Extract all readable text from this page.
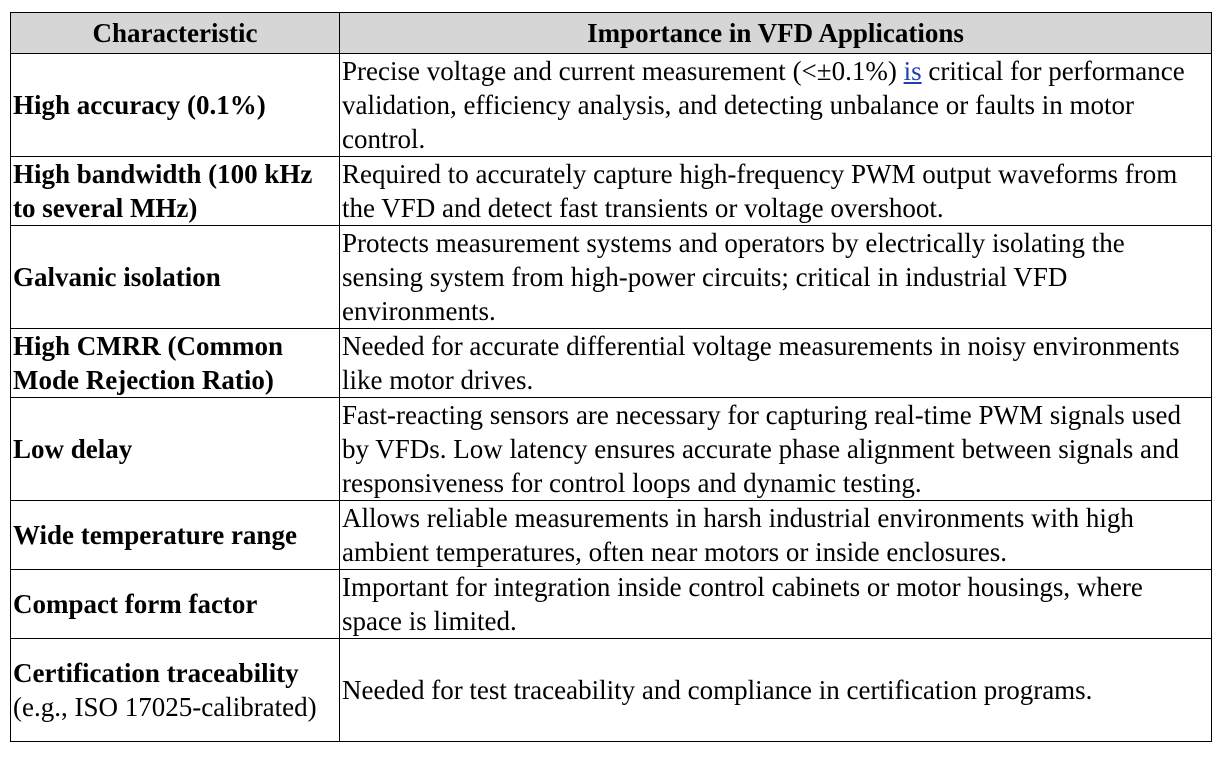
Characteristic	Importance in VFD Applications
High accuracy (0.1%)	Precise voltage and current measurement (<±0.1%) is critical for performance validation, efficiency analysis, and detecting unbalance or faults in motor control.
High bandwidth (100 kHz to several MHz)	Required to accurately capture high-frequency PWM output waveforms from the VFD and detect fast transients or voltage overshoot.
Galvanic isolation	Protects measurement systems and operators by electrically isolating the sensing system from high-power circuits; critical in industrial VFD environments.
High CMRR (Common Mode Rejection Ratio)	Needed for accurate differential voltage measurements in noisy environments like motor drives.
Low delay	Fast-reacting sensors are necessary for capturing real-time PWM signals used by VFDs. Low latency ensures accurate phase alignment between signals and responsiveness for control loops and dynamic testing.
Wide temperature range	Allows reliable measurements in harsh industrial environments with high ambient temperatures, often near motors or inside enclosures.
Compact form factor	Important for integration inside control cabinets or motor housings, where space is limited.
Certification traceability
(e.g., ISO 17025-calibrated)	Needed for test traceability and compliance in certification programs.
